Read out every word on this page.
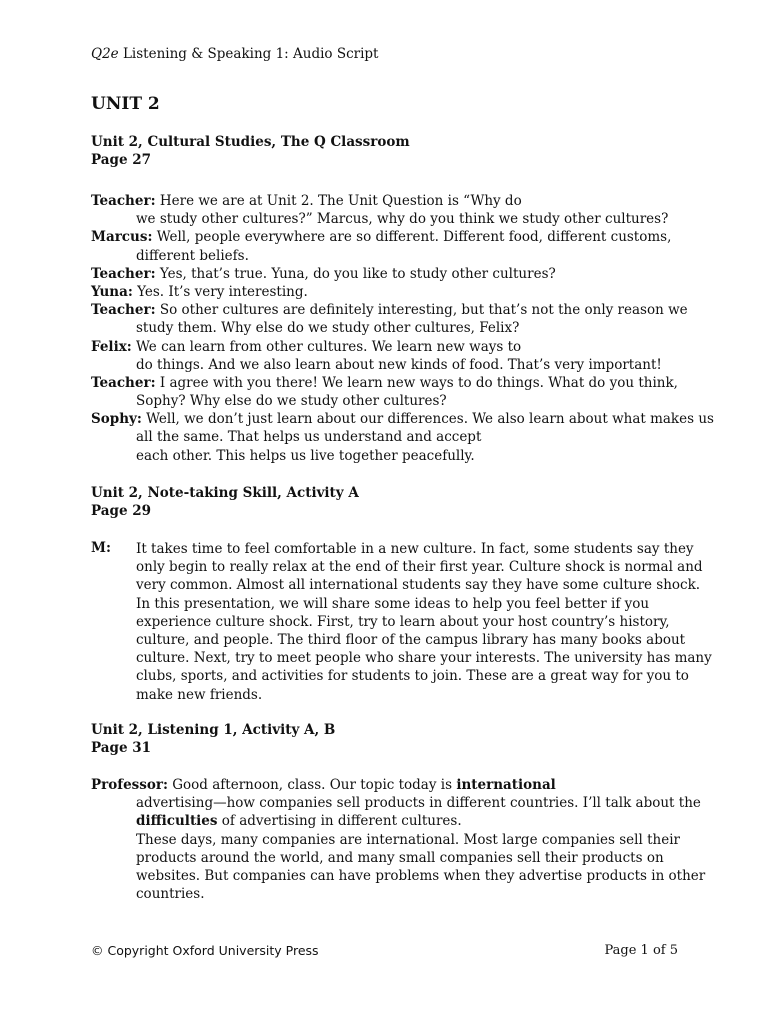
Q2e Listening & Speaking 1: Audio Script
UNIT 2
Unit 2, Cultural Studies, The Q Classroom
Page 27
Teacher: Here we are at Unit 2. The Unit Question is “Why do
we study other cultures?” Marcus, why do you think we study other cultures?
Marcus: Well, people everywhere are so different. Different food, different customs,
different beliefs.
Teacher: Yes, that’s true. Yuna, do you like to study other cultures?
Yuna: Yes. It’s very interesting.
Teacher: So other cultures are definitely interesting, but that’s not the only reason we
study them. Why else do we study other cultures, Felix?
Felix: We can learn from other cultures. We learn new ways to
do things. And we also learn about new kinds of food. That’s very important!
Teacher: I agree with you there! We learn new ways to do things. What do you think,
Sophy? Why else do we study other cultures?
Sophy: Well, we don’t just learn about our differences. We also learn about what makes us
all the same. That helps us understand and accept
each other. This helps us live together peacefully.
Unit 2, Note-taking Skill, Activity A
Page 29
M: It takes time to feel comfortable in a new culture. In fact, some students say they
only begin to really relax at the end of their first year. Culture shock is normal and
very common. Almost all international students say they have some culture shock.
In this presentation, we will share some ideas to help you feel better if you
experience culture shock. First, try to learn about your host country’s history,
culture, and people. The third floor of the campus library has many books about
culture. Next, try to meet people who share your interests. The university has many
clubs, sports, and activities for students to join. These are a great way for you to
make new friends.
Unit 2, Listening 1, Activity A, B
Page 31
Professor: Good afternoon, class. Our topic today is international
advertising—how companies sell products in different countries. I’ll talk about the
difficulties of advertising in different cultures.
These days, many companies are international. Most large companies sell their
products around the world, and many small companies sell their products on
websites. But companies can have problems when they advertise products in other
countries.
© Copyright Oxford University Press	Page 1 of 5
